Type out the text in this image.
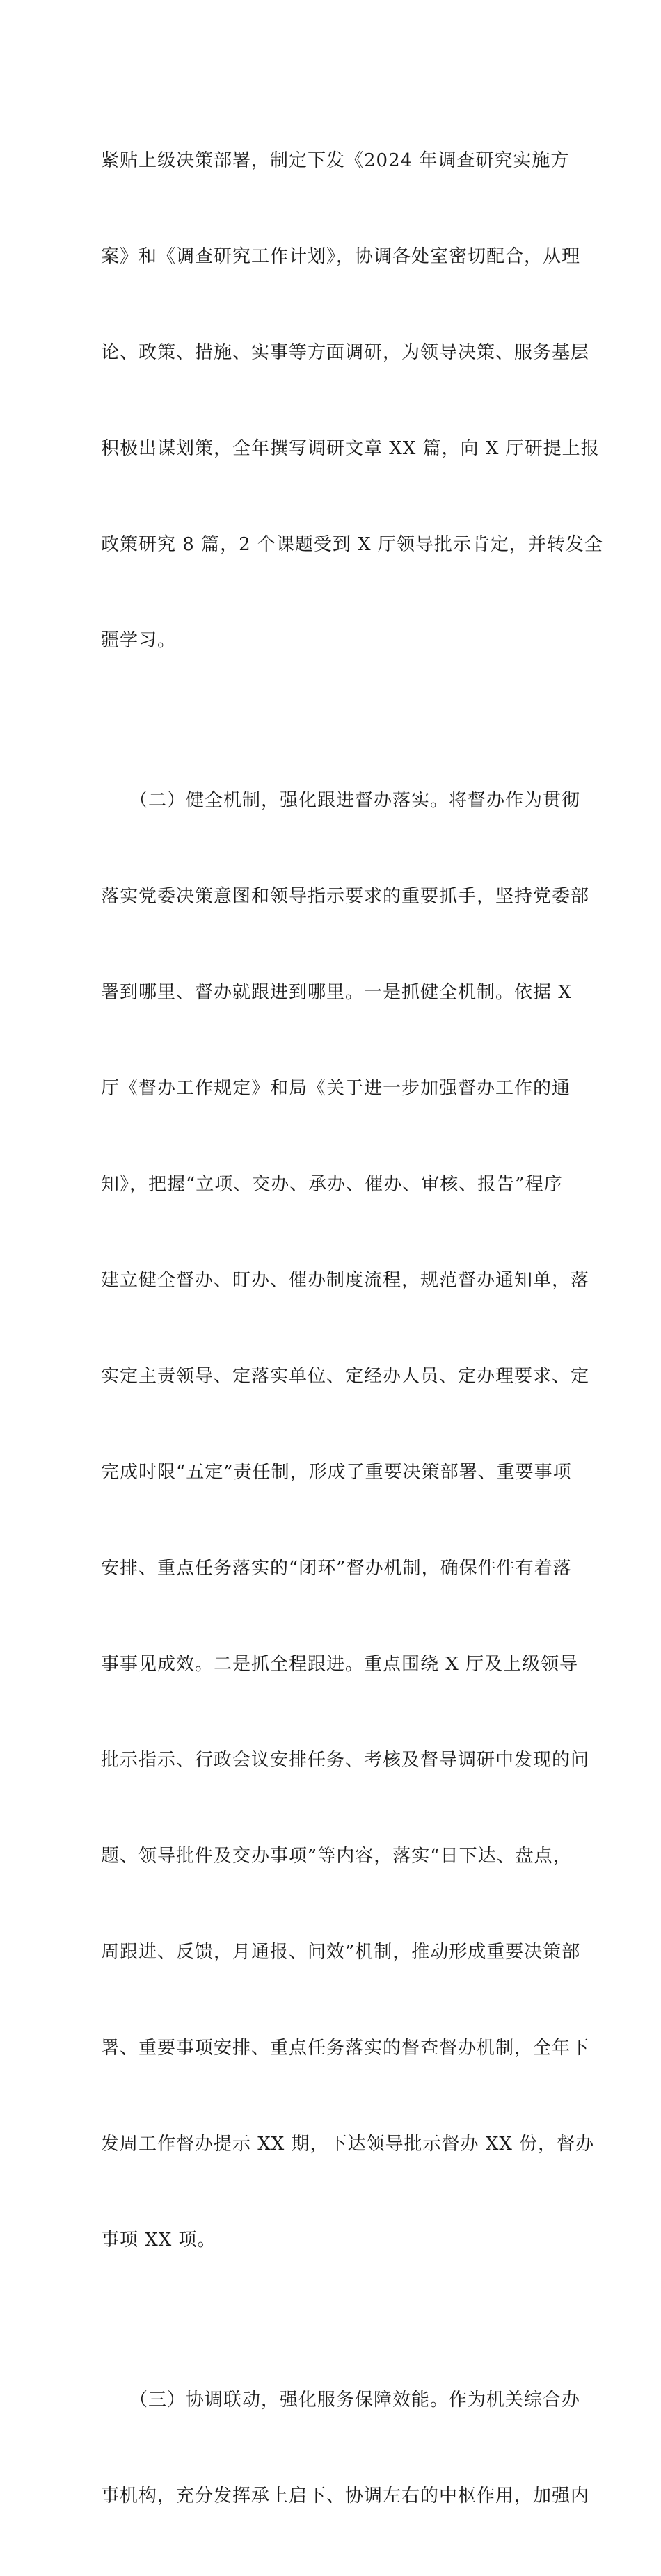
紧贴上级决策部署，制定下发《2024 年调查研究实施方

案》和《调查研究工作计划》，协调各处室密切配合，从理

论、政策、措施、实事等方面调研，为领导决策、服务基层

积极出谋划策，全年撰写调研文章 XX 篇，向 X 厅研提上报

政策研究 8 篇，2 个课题受到 X 厅领导批示肯定，并转发全

疆学习。

　　（二）健全机制，强化跟进督办落实。将督办作为贯彻

落实党委决策意图和领导指示要求的重要抓手，坚持党委部

署到哪里、督办就跟进到哪里。一是抓健全机制。依据 X

厅《督办工作规定》和局《关于进一步加强督办工作的通

知》，把握“立项、交办、承办、催办、审核、报告”程序

建立健全督办、盯办、催办制度流程，规范督办通知单，落

实定主责领导、定落实单位、定经办人员、定办理要求、定

完成时限“五定”责任制，形成了重要决策部署、重要事项

安排、重点任务落实的“闭环”督办机制，确保件件有着落

事事见成效。二是抓全程跟进。重点围绕 X 厅及上级领导

批示指示、行政会议安排任务、考核及督导调研中发现的问

题、领导批件及交办事项”等内容，落实“日下达、盘点，

周跟进、反馈，月通报、问效”机制，推动形成重要决策部

署、重要事项安排、重点任务落实的督查督办机制，全年下

发周工作督办提示 XX 期，下达领导批示督办 XX 份，督办

事项 XX 项。

　　（三）协调联动，强化服务保障效能。作为机关综合办

事机构，充分发挥承上启下、协调左右的中枢作用，加强内
